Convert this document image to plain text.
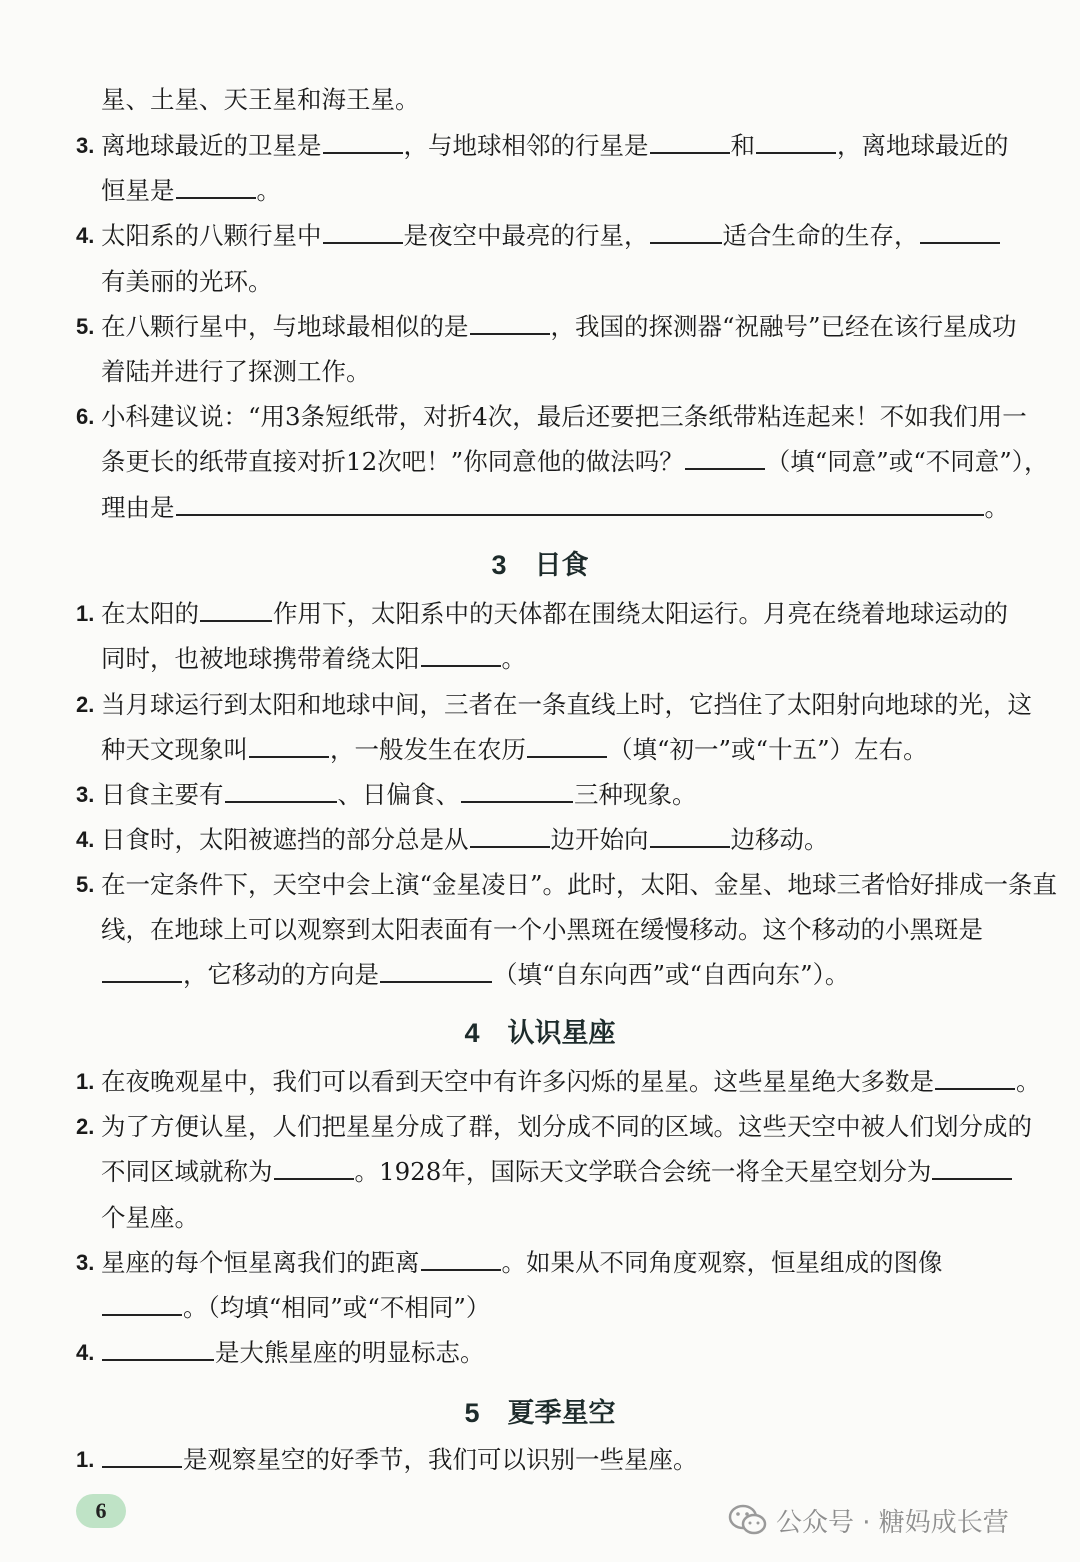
星、土星、天王星和海王星。
3. 离地球最近的卫星是	，与地球相邻的行星是	和	，离地球最近的
恒星是	。
4. 太阳系的八颗行星中	是夜空中最亮的行星，	适合生命的生存，
有美丽的光环。
5. 在八颗行星中，与地球最相似的是	，我国的探测器“祝融号”已经在该行星成功
着陆并进行了探测工作。
6. 小科建议说：“用3条短纸带，对折4次，最后还要把三条纸带粘连起来！不如我们用一
条更长的纸带直接对折12次吧！”你同意他的做法吗？	（填“同意”或“不同意”），
理由是	。
1. 在太阳的	作用下，太阳系中的天体都在围绕太阳运行。月亮在绕着地球运动的
同时，也被地球携带着绕太阳	。
2. 当月球运行到太阳和地球中间，三者在一条直线上时，它挡住了太阳射向地球的光，这
种天文现象叫	，一般发生在农历	（填“初一”或“十五”）左右。
3. 日食主要有	、日偏食、	三种现象。
4. 日食时，太阳被遮挡的部分总是从	边开始向	边移动。
5. 在一定条件下，天空中会上演“金星凌日”。此时，太阳、金星、地球三者恰好排成一条直
线，在地球上可以观察到太阳表面有一个小黑斑在缓慢移动。这个移动的小黑斑是
，它移动的方向是	（填“自东向西”或“自西向东”）。
1. 在夜晚观星中，我们可以看到天空中有许多闪烁的星星。这些星星绝大多数是	。
2. 为了方便认星，人们把星星分成了群，划分成不同的区域。这些天空中被人们划分成的
不同区域就称为	。1928年，国际天文学联合会统一将全天星空划分为
个星座。
3. 星座的每个恒星离我们的距离	。如果从不同角度观察，恒星组成的图像
。（均填“相同”或“不相同”）
4.	是大熊星座的明显标志。
1.	是观察星空的好季节，我们可以识别一些星座。
3 日食
4 认识星座
5 夏季星空
6	公众号 · 糖妈成长营
